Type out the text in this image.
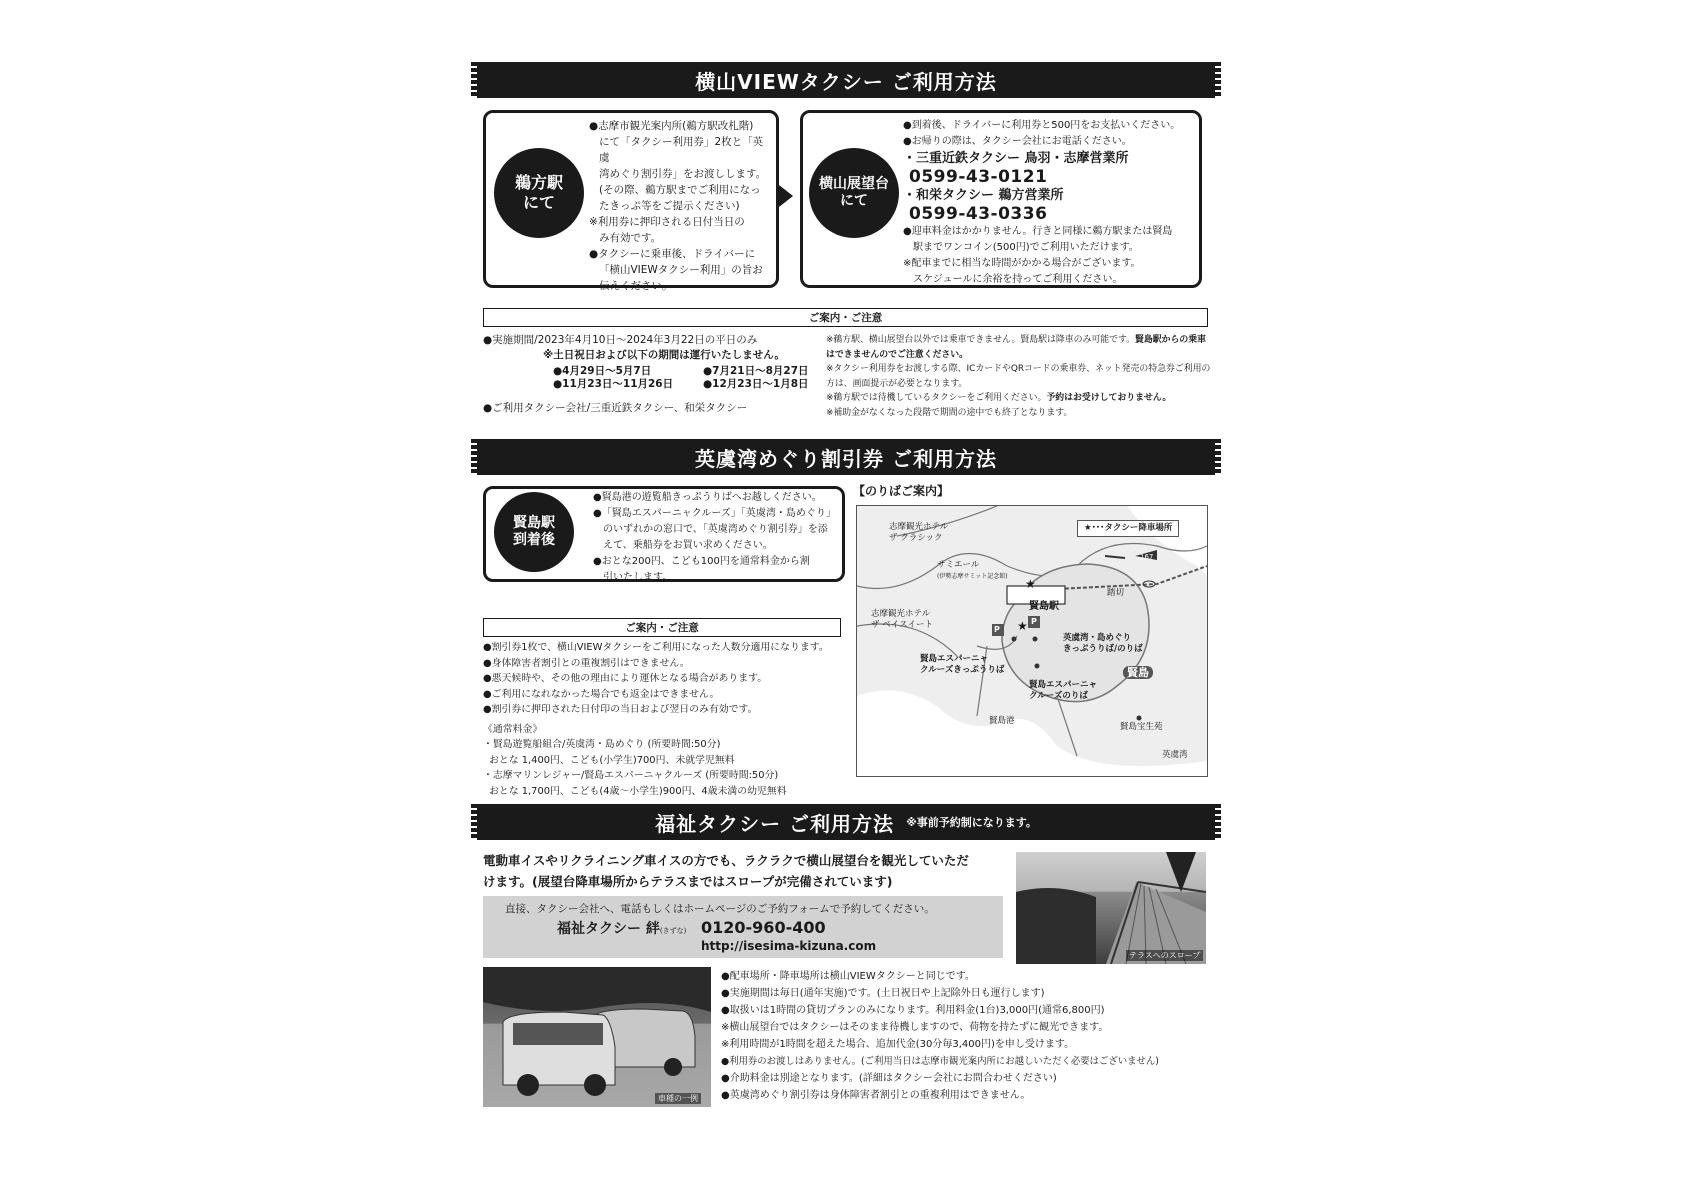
横山VIEWタクシー ご利用方法
鵜方駅
にて

●志摩市観光案内所(鵜方駅改札階)

にて「タクシー利用券」2枚と「英虞

湾めぐり割引券」をお渡しします。

(その際、鵜方駅までご利用になっ

たきっぷ等をご提示ください)

※利用券に押印される日付当日の

み有効です。

●タクシーに乗車後、ドライバーに

「横山VIEWタクシー利用」の旨お

伝えください。

横山展望台
にて

●到着後、ドライバーに利用券と500円をお支払いください。

●お帰りの際は、タクシー会社にお電話ください。

・三重近鉄タクシー 鳥羽・志摩営業所

0599-43-0121

・和栄タクシー 鵜方営業所

0599-43-0336

●迎車料金はかかりません。行きと同様に鵜方駅または賢島

駅までワンコイン(500円)でご利用いただけます。

※配車までに相当な時間がかかる場合がございます。

スケジュールに余裕を持ってご利用ください。

ご案内・ご注意

●実施期間/2023年4月10日～2024年3月22日の平日のみ

※土日祝日および以下の期間は運行いたしません。

●4月29日～5月7日	●7月21日～8月27日
●11月23日～11月26日	●12月23日～1月8日

●ご利用タクシー会社/三重近鉄タクシー、和栄タクシー

※鵜方駅、横山展望台以外では乗車できません。賢島駅は降車のみ可能です。賢島駅からの乗車はできませんのでご注意ください。

※タクシー利用券をお渡しする際、ICカードやQRコードの乗車券、ネット発売の特急券ご利用の方は、画面提示が必要となります。

※鵜方駅では待機しているタクシーをご利用ください。予約はお受けしておりません。

※補助金がなくなった段階で期間の途中でも終了となります。

英虞湾めぐり割引券 ご利用方法
賢島駅
到着後

●賢島港の遊覧船きっぷうりばへお越しください。

●「賢島エスパーニャクルーズ」「英虞湾・島めぐり」

のいずれかの窓口で、「英虞湾めぐり割引券」を添

えて、乗船券をお買い求めください。

●おとな200円、こども100円を通常料金から割

引いたします。

ご案内・ご注意

●割引券1枚で、横山VIEWタクシーをご利用になった人数分適用になります。

●身体障害者割引との重複割引はできません。

●悪天候時や、その他の理由により運休となる場合があります。

●ご利用になれなかった場合でも返金はできません。

●割引券に押印された日付印の当日および翌日のみ有効です。

《通常料金》

・賢島遊覧船組合/英虞湾・島めぐり (所要時間:50分)

おとな 1,400円、こども(小学生)700円、未就学児無料

・志摩マリンレジャー/賢島エスパーニャクルーズ (所要時間:50分)

おとな 1,700円、こども(4歳～小学生)900円、4歳未満の幼児無料

【のりばご案内】
★･･･タクシー降車場所
167
志摩観光ホテル
ザ クラシック
サミエール
(伊勢志摩サミット記念館)
★
賢島駅
踏切
志摩観光ホテル
ザ ベイスイート	★
P
P
英虞湾・島めぐり
きっぷうりば/のりば
賢島エスパーニャ
クルーズきっぷうりば	賢島
賢島エスパーニャ
クルーズのりば
賢島港
賢島宝生苑
英虞湾
福祉タクシー ご利用方法 ※事前予約制になります。

電動車イスやリクライニング車イスの方でも、ラクラクで横山展望台を観光していただ

けます。(展望台降車場所からテラスまではスロープが完備されています)

直接、タクシー会社へ、電話もしくはホームページのご予約フォームで予約してください。
福祉タクシー 絆(きずな) 0120-960-400
http://isesima-kizuna.com
テラスへのスロープ
車種の一例

●配車場所・降車場所は横山VIEWタクシーと同じです。

●実施期間は毎日(通年実施)です。(土日祝日や上記除外日も運行します)

●取扱いは1時間の貸切プランのみになります。利用料金(1台)3,000円(通常6,800円)

※横山展望台ではタクシーはそのまま待機しますので、荷物を持たずに観光できます。

※利用時間が1時間を超えた場合、追加代金(30分毎3,400円)を申し受けます。

●利用券のお渡しはありません。(ご利用当日は志摩市観光案内所にお越しいただく必要はございません)

●介助料金は別途となります。(詳細はタクシー会社にお問合わせください)

●英虞湾めぐり割引券は身体障害者割引との重複利用はできません。
